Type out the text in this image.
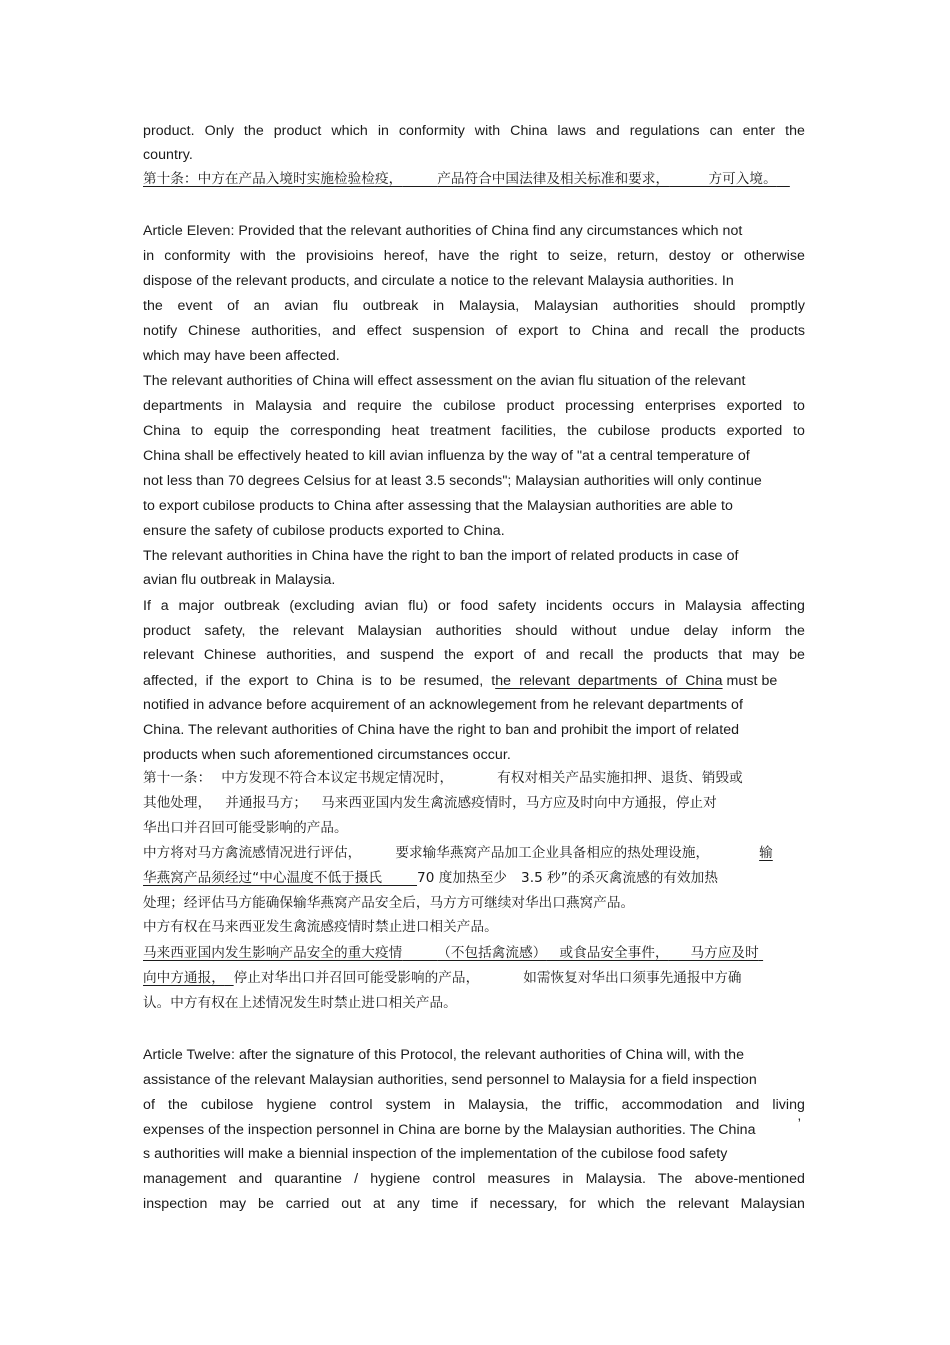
product. Only the product which in conformity with China laws and regulations can enter the
country.
第十条：中方在产品入境时实施检验检疫，	产品符合中国法律及相关标准和要求，	方可入境。
Article Eleven: Provided that the relevant authorities of China find any circumstances which not
in conformity with the provisioins hereof, have the right to seize, return, destoy or otherwise
dispose of the relevant products, and circulate a notice to the relevant Malaysia authorities. In
the event of an avian flu outbreak in Malaysia, Malaysian authorities should promptly
notify Chinese authorities, and effect suspension of export to China and recall the products
which may have been affected.
The relevant authorities of China will effect assessment on the avian flu situation of the relevant
departments in Malaysia and require the cubilose product processing enterprises exported to
China to equip the corresponding heat treatment facilities, the cubilose products exported to
China shall be effectively heated to kill avian influenza by the way of "at a central temperature of
not less than 70 degrees Celsius for at least 3.5 seconds"; Malaysian authorities will only continue
to export cubilose products to China after assessing that the Malaysian authorities are able to
ensure the safety of cubilose products exported to China.
The relevant authorities in China have the right to ban the import of related products in case of
avian flu outbreak in Malaysia.
If a major outbreak (excluding avian flu) or food safety incidents occurs in Malaysia affecting
product safety, the relevant Malaysian authorities should without undue delay inform the
relevant Chinese authorities, and suspend the export of and recall the products that may be
affected,  if  the  export  to  China  is  to  be  resumed,  the  relevant  departments  of  China must be
notified in advance before acquirement of an acknowlegement from he relevant departments of
China. The relevant authorities of China have the right to ban and prohibit the import of related
products when such aforementioned circumstances occur.
第十一条： 中方发现不符合本议定书规定情况时，	有权对相关产品实施扣押、退货、销毁或
其他处理， 并通报马方； 马来西亚国内发生禽流感疫情时，马方应及时向中方通报，停止对
华出口并召回可能受影响的产品。
中方将对马方禽流感情况进行评估，	要求输华燕窝产品加工企业具备相应的热处理设施，	输
华燕窝产品须经过“中心温度不低于摄氏	70 度加热至少 3.5 秒”的杀灭禽流感的有效加热
处理；经评估马方能确保输华燕窝产品安全后，马方方可继续对华出口燕窝产品。
中方有权在马来西亚发生禽流感疫情时禁止进口相关产品。
马来西亚国内发生影响产品安全的重大疫情	（不包括禽流感） 或食品安全事件， 马方应及时
向中方通报， 停止对华出口并召回可能受影响的产品，	如需恢复对华出口须事先通报中方确
认。中方有权在上述情况发生时禁止进口相关产品。
Article Twelve: after the signature of this Protocol, the relevant authorities of China will, with the
assistance of the relevant Malaysian authorities, send personnel to Malaysia for a field inspection
of the cubilose hygiene control system in Malaysia, the triffic, accommodation and living
expenses of the inspection personnel in China are borne by the Malaysian authorities. The China	’
s authorities will make a biennial inspection of the implementation of the cubilose food safety
management and quarantine / hygiene control measures in Malaysia. The above-mentioned
inspection may be carried out at any time if necessary, for which the relevant Malaysian
